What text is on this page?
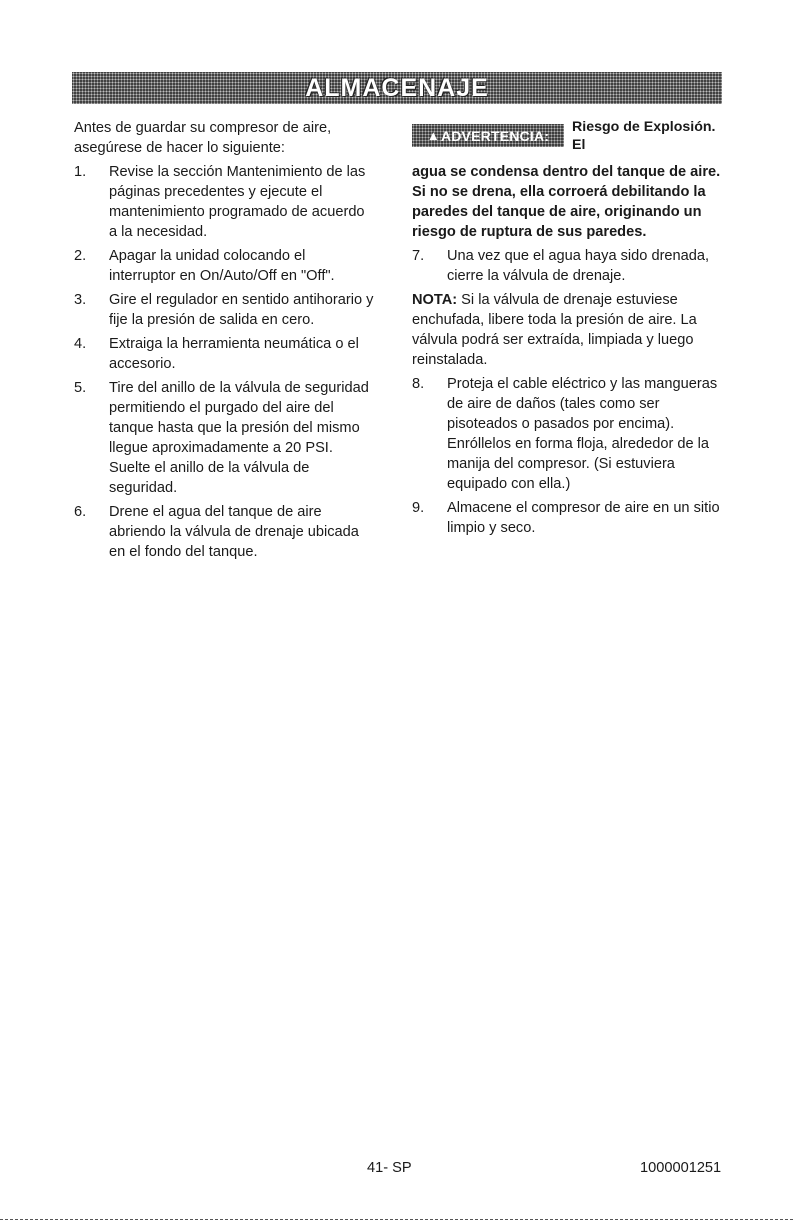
ALMACENAJE

Antes de guardar su compresor de aire, asegúrese de hacer lo siguiente:

1.	Revise la sección Mantenimiento de las páginas precedentes y ejecute el mantenimiento programado de acuerdo a la necesidad.
2.	Apagar la unidad colocando el interruptor en On/Auto/Off en "Off".
3.	Gire el regulador en sentido antihorario y fije la presión de salida en cero.
4.	Extraiga la herramienta neumática o el accesorio.
5.	Tire del anillo de la válvula de seguridad permitiendo el purgado del aire del tanque hasta que la presión del mismo llegue aproximadamente a 20 PSI. Suelte el anillo de la válvula de seguridad.
6.	Drene el agua del tanque de aire abriendo la válvula de drenaje ubicada en el fondo del tanque.
▲ ADVERTENCIA:
Riesgo de Explosión. El

agua se condensa dentro del tanque de aire. Si no se drena, ella corroerá debilitando la paredes del tanque de aire, originando un riesgo de ruptura de sus paredes.

7.	Una vez que el agua haya sido drenada, cierre la válvula de drenaje.

NOTA: Si la válvula de drenaje estuviese enchufada, libere toda la presión de aire. La válvula podrá ser extraída, limpiada y luego reinstalada.

8.	Proteja el cable eléctrico y las mangueras de aire de daños (tales como ser pisoteados o pasados por encima). Enróllelos en forma floja, alrededor de la manija del compresor. (Si estuviera equipado con ella.)
9.	Almacene el compresor de aire en un sitio limpio y seco.
41- SP	1000001251
